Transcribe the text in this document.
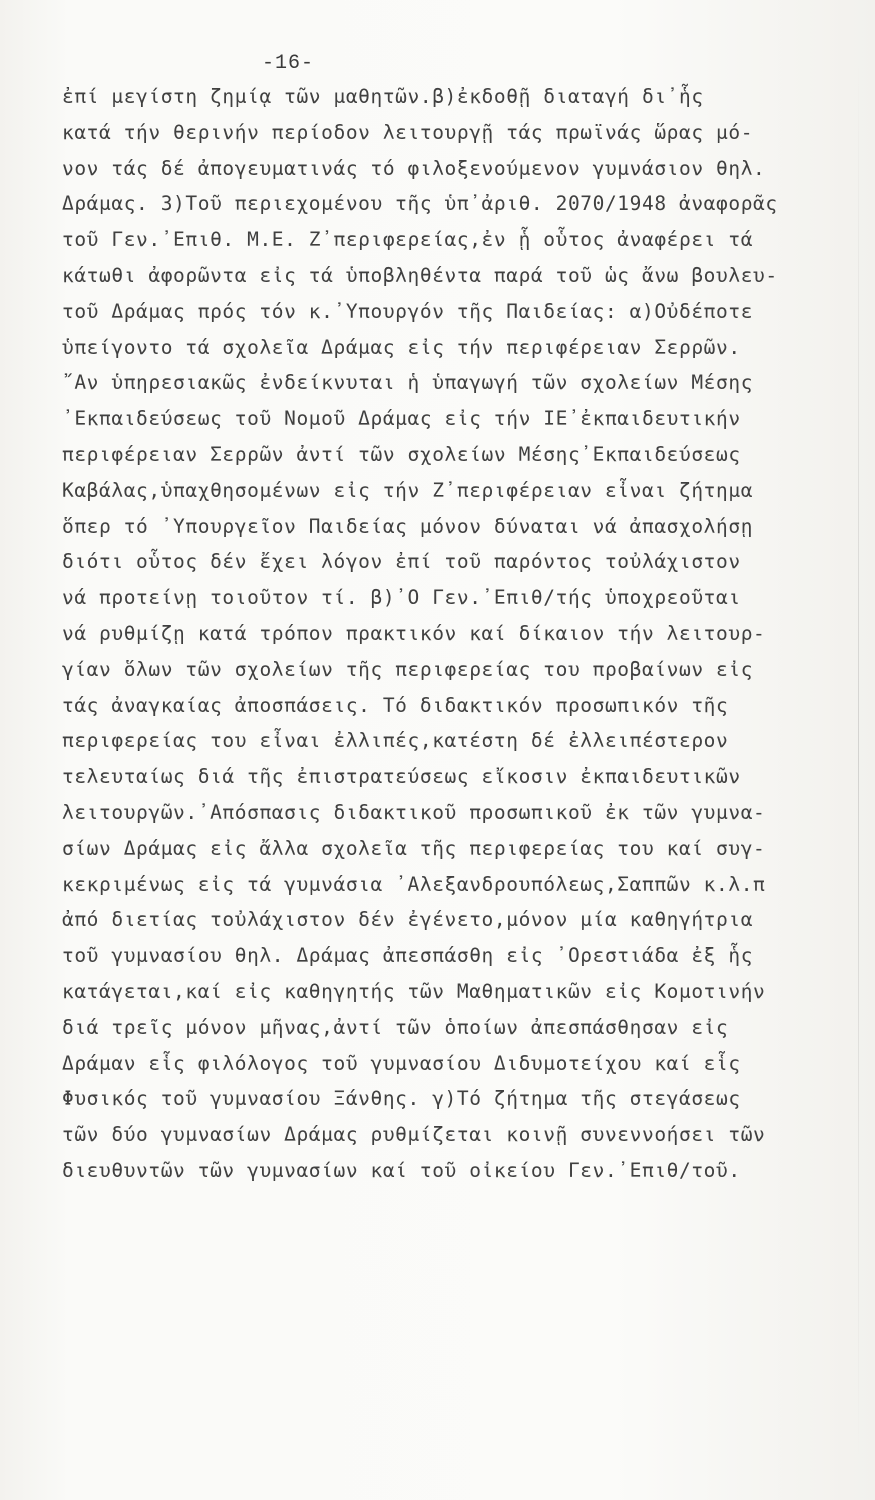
-16-
ἐπί μεγίστη ζημίᾳ τῶν μαθητῶν.β)ἐκδοθῇ διαταγή δι᾽ἧς
κατά τήν θερινήν περίοδον λειτουργῇ τάς πρωϊνάς ὥρας μό-
νον τάς δέ ἀπογευματινάς τό φιλοξενούμενον γυμνάσιον θηλ.
Δράμας. 3)Τοῦ περιεχομένου τῆς ὑπ᾽ἀριθ. 2070/1948 ἀναφορᾶς
τοῦ Γεν.᾽Επιθ. Μ.Ε. Ζ᾽περιφερείας,ἐν ᾗ οὗτος ἀναφέρει τά
κάτωθι ἀφορῶντα εἰς τά ὑποβληθέντα παρά τοῦ ὡς ἄνω βουλευ-
τοῦ Δράμας πρός τόν κ.᾽Υπουργόν τῆς Παιδείας: α)Οὐδέποτε
ὑπείγοντο τά σχολεῖα Δράμας εἰς τήν περιφέρειαν Σερρῶν.
῎Αν ὑπηρεσιακῶς ἐνδείκνυται ἡ ὑπαγωγή τῶν σχολείων Μέσης
᾽Εκπαιδεύσεως τοῦ Νομοῦ Δράμας εἰς τήν ΙΕ᾽ἐκπαιδευτικήν
περιφέρειαν Σερρῶν ἀντί τῶν σχολείων Μέσης᾽Εκπαιδεύσεως
Καβάλας,ὑπαχθησομένων εἰς τήν Ζ᾽περιφέρειαν εἶναι ζήτημα
ὅπερ τό ᾽Υπουργεῖον Παιδείας μόνον δύναται νά ἀπασχολήσῃ
διότι οὗτος δέν ἔχει λόγον ἐπί τοῦ παρόντος τοὐλάχιστον
νά προτείνῃ τοιοῦτον τί. β)᾽Ο Γεν.᾽Επιθ/τής ὑποχρεοῦται
νά ρυθμίζῃ κατά τρόπον πρακτικόν καί δίκαιον τήν λειτουρ-
γίαν ὅλων τῶν σχολείων τῆς περιφερείας του προβαίνων εἰς
τάς ἀναγκαίας ἀποσπάσεις. Τό διδακτικόν προσωπικόν τῆς
περιφερείας του εἶναι ἐλλιπές,κατέστη δέ ἐλλειπέστερον
τελευταίως διά τῆς ἐπιστρατεύσεως εἴκοσιν ἐκπαιδευτικῶν
λειτουργῶν.᾽Απόσπασις διδακτικοῦ προσωπικοῦ ἐκ τῶν γυμνα-
σίων Δράμας εἰς ἄλλα σχολεῖα τῆς περιφερείας του καί συγ-
κεκριμένως εἰς τά γυμνάσια ᾽Αλεξανδρουπόλεως,Σαππῶν κ.λ.π
ἀπό διετίας τοὐλάχιστον δέν ἐγένετο,μόνον μία καθηγήτρια
τοῦ γυμνασίου θηλ. Δράμας ἀπεσπάσθη εἰς ᾽Ορεστιάδα ἐξ ἧς
κατάγεται,καί εἰς καθηγητής τῶν Μαθηματικῶν εἰς Κομοτινήν
διά τρεῖς μόνον μῆνας,ἀντί τῶν ὁποίων ἀπεσπάσθησαν εἰς
Δράμαν εἷς φιλόλογος τοῦ γυμνασίου Διδυμοτείχου καί εἷς
Φυσικός τοῦ γυμνασίου Ξάνθης. γ)Τό ζήτημα τῆς στεγάσεως
τῶν δύο γυμνασίων Δράμας ρυθμίζεται κοινῇ συνεννοήσει τῶν
διευθυντῶν τῶν γυμνασίων καί τοῦ οἰκείου Γεν.᾽Επιθ/τοῦ.
